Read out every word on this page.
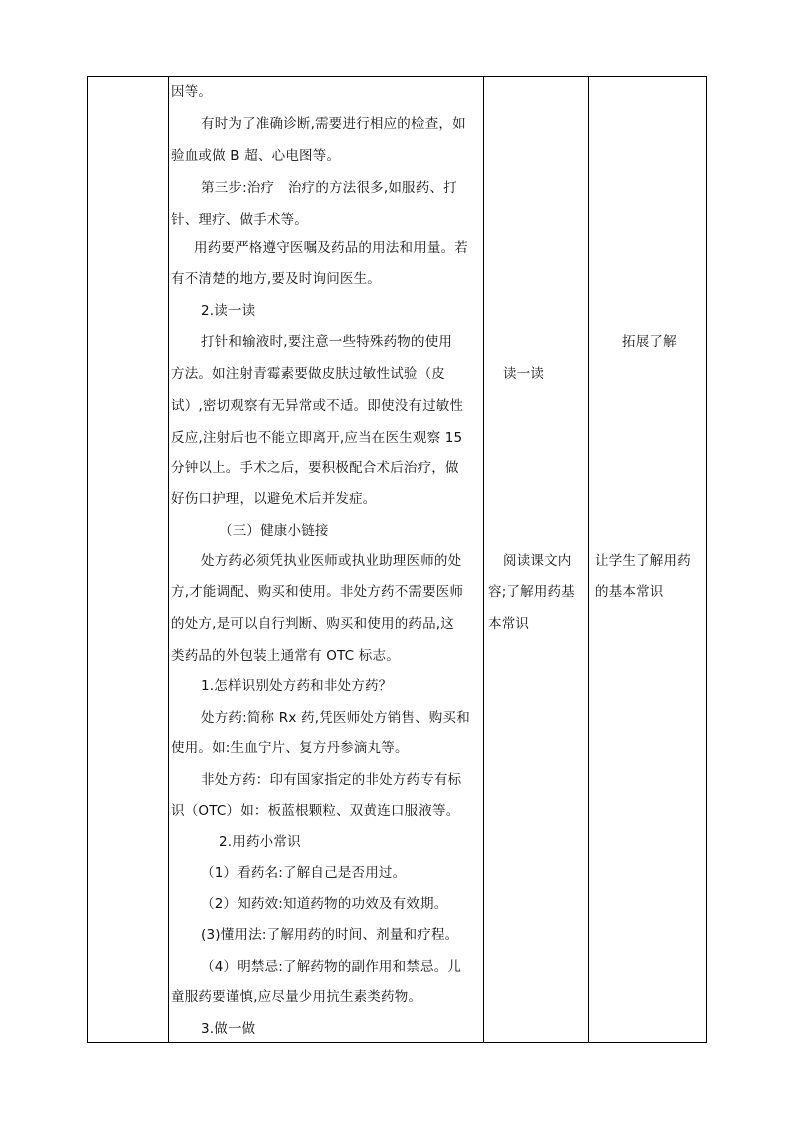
因等。
有时为了准确诊断,需要进行相应的检查，如
验血或做 B 超、心电图等。
第三步:治疗　治疗的方法很多,如服药、打
针、理疗、做手术等。
用药要严格遵守医嘱及药品的用法和用量。若
有不清楚的地方,要及时询问医生。
2.读一读
打针和输液时,要注意一些特殊药物的使用
方法。如注射青霉素要做皮肤过敏性试验（皮
试）,密切观察有无异常或不适。即使没有过敏性
反应,注射后也不能立即离开,应当在医生观察 15
分钟以上。手术之后，要积极配合术后治疗，做
好伤口护理，以避免术后并发症。
（三）健康小链接
处方药必须凭执业医师或执业助理医师的处
方,才能调配、购买和使用。非处方药不需要医师
的处方,是可以自行判断、购买和使用的药品,这
类药品的外包装上通常有 OTC 标志。
1.怎样识别处方药和非处方药？
处方药:简称 Rx 药,凭医师处方销售、购买和
使用。如:生血宁片、复方丹参滴丸等。
非处方药：印有国家指定的非处方药专有标
识（OTC）如：板蓝根颗粒、双黄连口服液等。
2.用药小常识
（1）看药名:了解自己是否用过。
（2）知药效:知道药物的功效及有效期。
(3)懂用法:了解用药的时间、剂量和疗程。
（4）明禁忌:了解药物的副作用和禁忌。儿
童服药要谨慎,应尽量少用抗生素类药物。
3.做一做
读一读
阅读课文内
容;了解用药基
本常识
拓展了解
让学生了解用药
的基本常识
